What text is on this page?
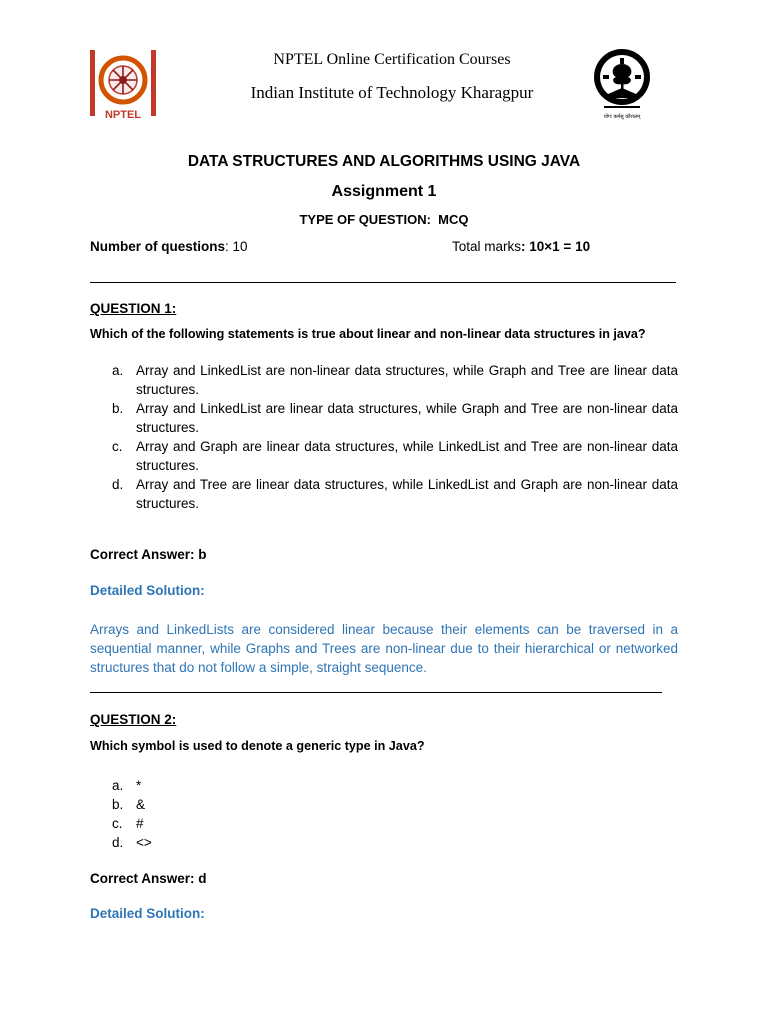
NPTEL	योगः कर्मसु कौशलम्
NPTEL Online Certification Courses
Indian Institute of Technology Kharagpur
DATA STRUCTURES AND ALGORITHMS USING JAVA
Assignment 1
TYPE OF QUESTION: MCQ
Number of questions: 10	Total marks: 10×1 = 10
QUESTION 1:
Which of the following statements is true about linear and non-linear data structures in java?
a. Array and LinkedList are non-linear data structures, while Graph and Tree are linear data structures.
b. Array and LinkedList are linear data structures, while Graph and Tree are non-linear data structures.
c. Array and Graph are linear data structures, while LinkedList and Tree are non-linear data structures.
d. Array and Tree are linear data structures, while LinkedList and Graph are non-linear data structures.
Correct Answer: b
Detailed Solution:
Arrays and LinkedLists are considered linear because their elements can be traversed in a sequential manner, while Graphs and Trees are non-linear due to their hierarchical or networked structures that do not follow a simple, straight sequence.
QUESTION 2:
Which symbol is used to denote a generic type in Java?
a. *
b. &
c. #
d. <>
Correct Answer: d
Detailed Solution:
